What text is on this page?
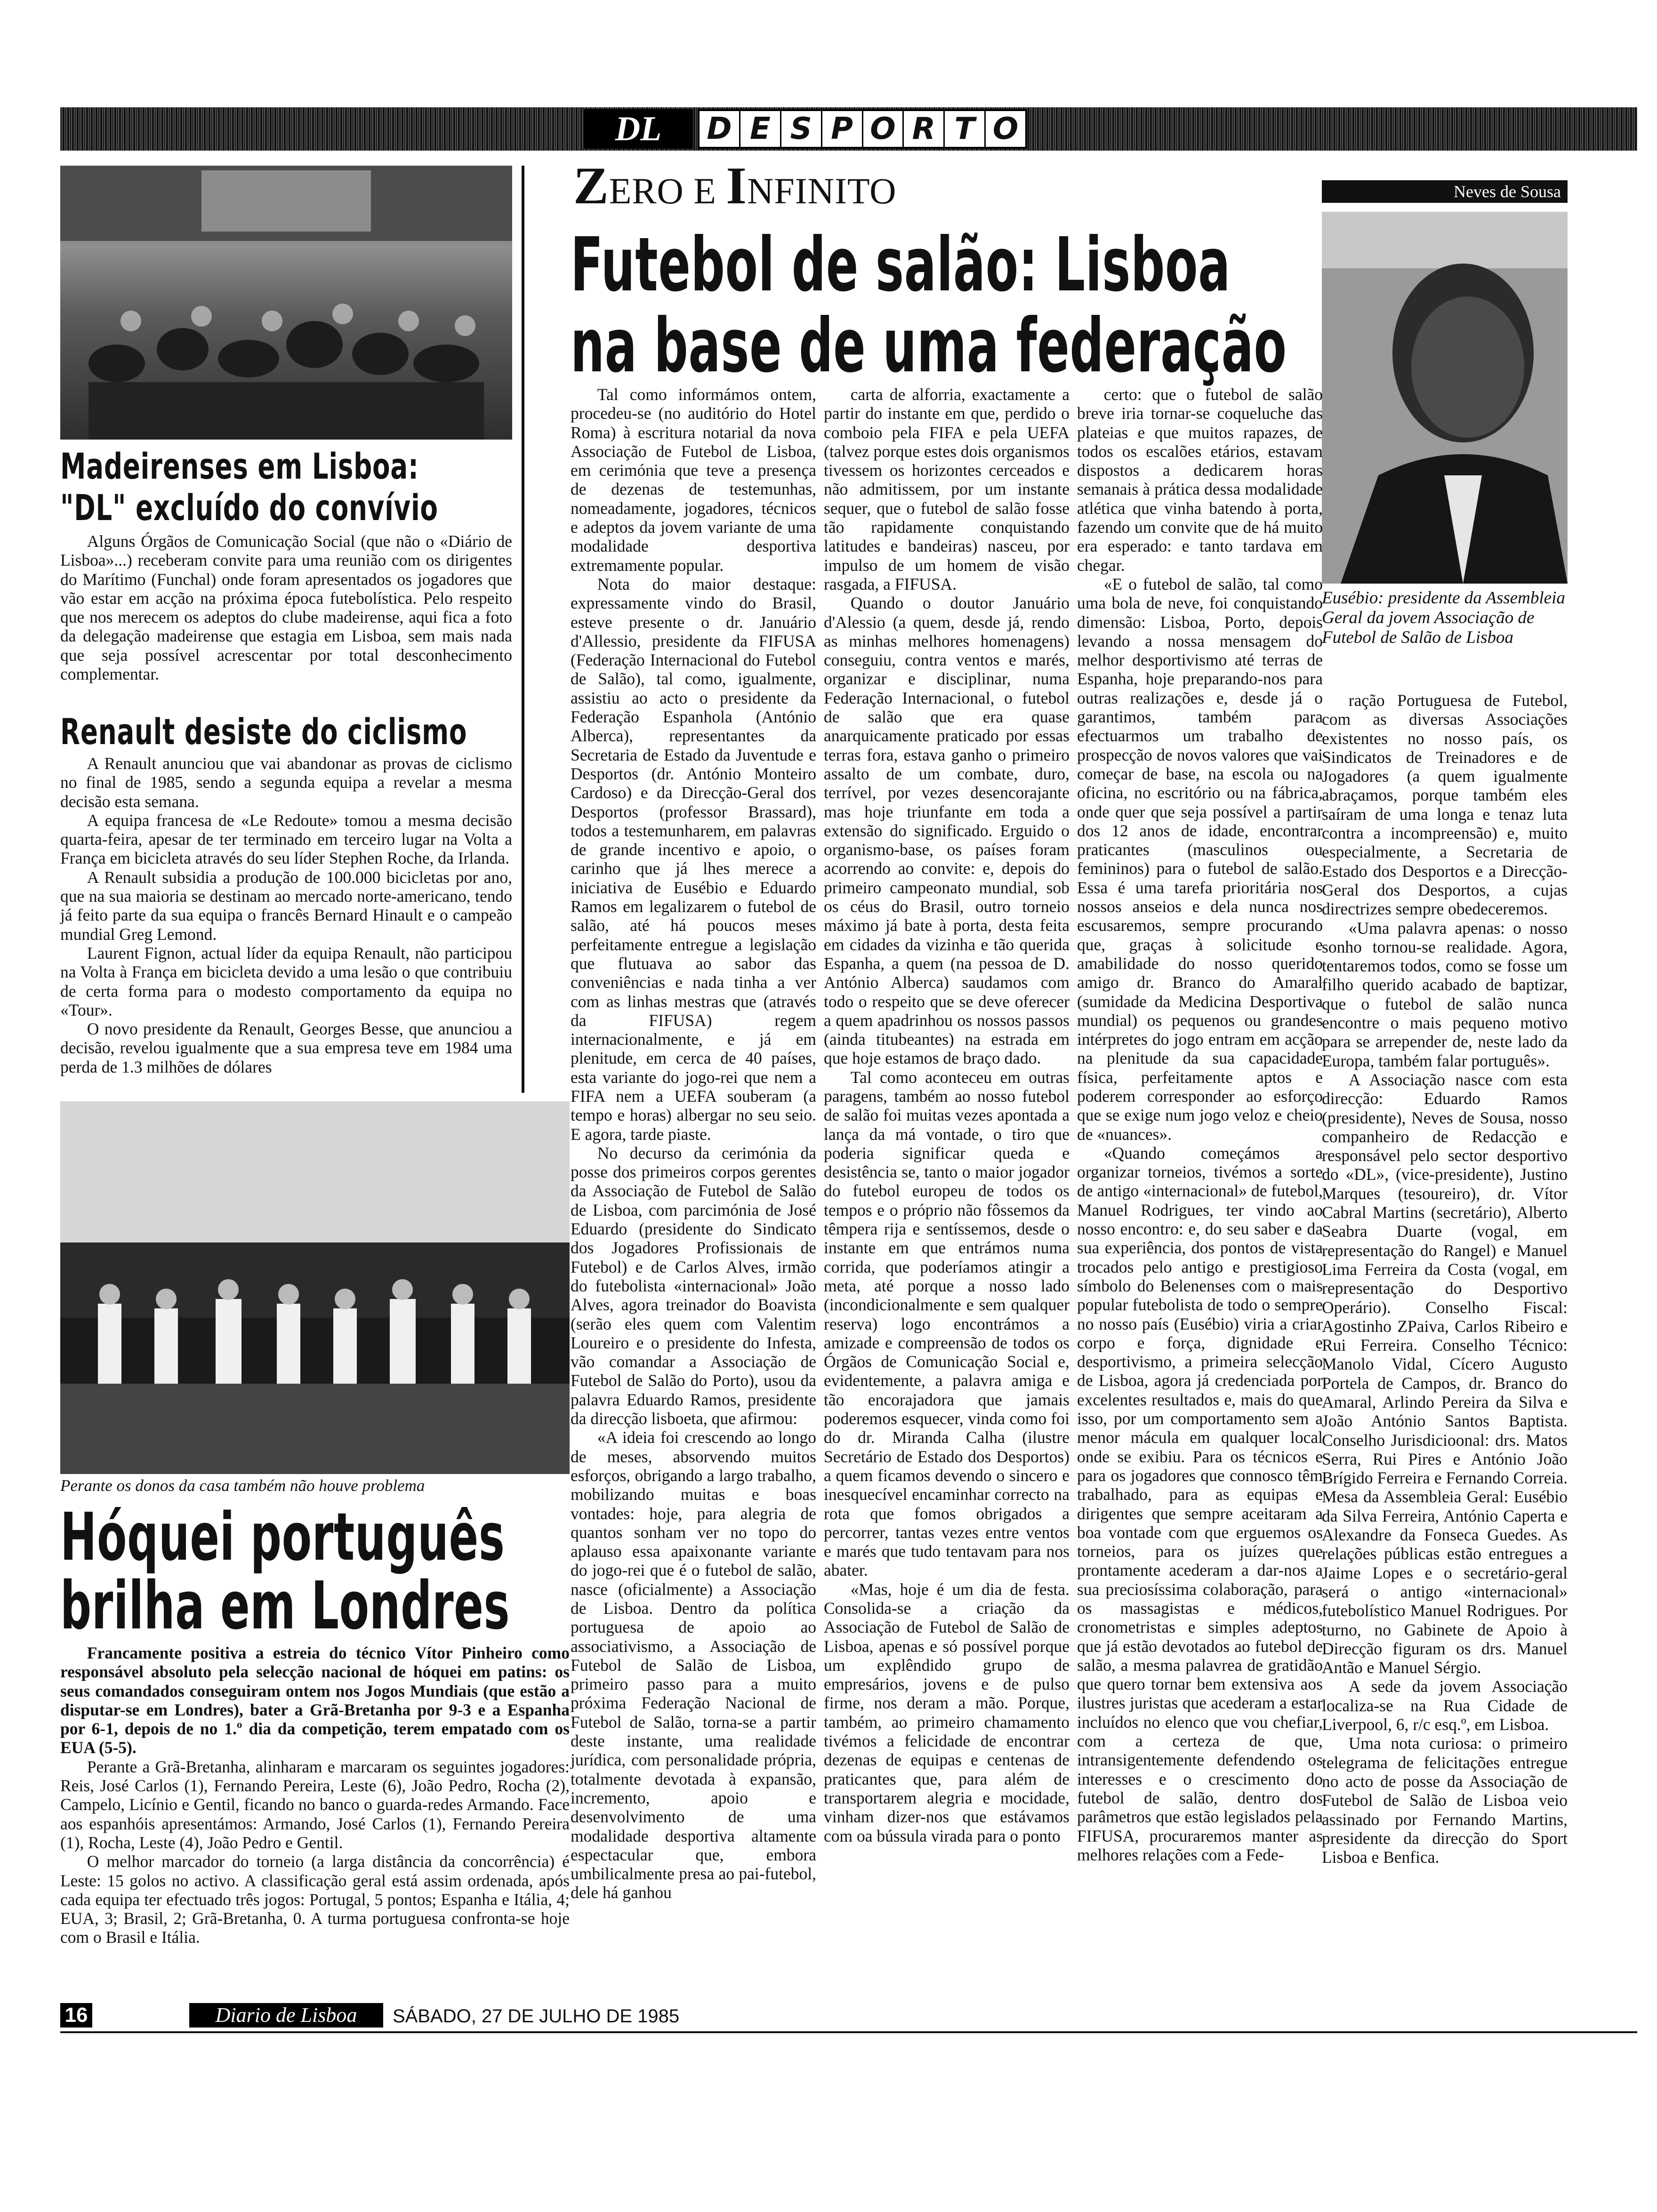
DL	D E S P O R T O
Madeirenses em Lisboa:
"DL" excluído do convívio

Alguns Órgãos de Comunicação Social (que não o «Diário de Lisboa»...) receberam convite para uma reunião com os dirigentes do Marítimo (Funchal) onde foram apresentados os jogadores que vão estar em acção na próxima época futebolística. Pelo respeito que nos merecem os adeptos do clube madeirense, aqui fica a foto da delegação madeirense que estagia em Lisboa, sem mais nada que seja possível acrescentar por total desconhecimento complementar.

Renault desiste do ciclismo

A Renault anunciou que vai abandonar as provas de ciclismo no final de 1985, sendo a segunda equipa a revelar a mesma decisão esta semana.

A equipa francesa de «Le Redoute» tomou a mesma decisão quarta-feira, apesar de ter terminado em terceiro lugar na Volta a França em bicicleta através do seu líder Stephen Roche, da Irlanda.

A Renault subsidia a produção de 100.000 bicicletas por ano, que na sua maioria se destinam ao mercado norte-americano, tendo já feito parte da sua equipa o francês Bernard Hinault e o campeão mundial Greg Lemond.

Laurent Fignon, actual líder da equipa Renault, não participou na Volta à França em bicicleta devido a uma lesão o que contribuiu de certa forma para o modesto comportamento da equipa no «Tour».

O novo presidente da Renault, Georges Besse, que anunciou a decisão, revelou igualmente que a sua empresa teve em 1984 uma perda de 1.3 milhões de dólares

Perante os donos da casa também não houve problema
Hóquei português
brilha em Londres

Francamente positiva a estreia do técnico Vítor Pinheiro como responsável absoluto pela selecção nacional de hóquei em patins: os seus comandados conseguiram ontem nos Jogos Mundiais (que estão a disputar-se em Londres), bater a Grã-Bretanha por 9-3 e a Espanha por 6-1, depois de no 1.º dia da competição, terem empatado com os EUA (5-5).

Perante a Grã-Bretanha, alinharam e marcaram os seguintes jogadores: Reis, José Carlos (1), Fernando Pereira, Leste (6), João Pedro, Rocha (2), Campelo, Licínio e Gentil, ficando no banco o guarda-redes Armando. Face aos espanhóis apresentámos: Armando, José Carlos (1), Fernando Pereira (1), Rocha, Leste (4), João Pedro e Gentil.

O melhor marcador do torneio (a larga distância da concorrência) é Leste: 15 golos no activo. A classificação geral está assim ordenada, após cada equipa ter efectuado três jogos: Portugal, 5 pontos; Espanha e Itália, 4; EUA, 3; Brasil, 2; Grã-Bretanha, 0. A turma portuguesa confronta-se hoje com o Brasil e Itália.

ZERO E INFINITO	Neves de Sousa
Futebol de salão: Lisboa
na base de uma federação
Eusébio: presidente da Assembleia Geral da jovem Associação de Futebol de Salão de Lisboa

Tal como informámos ontem, procedeu-se (no auditório do Hotel Roma) à escritura notarial da nova Associação de Futebol de Lisboa, em cerimónia que teve a presença de dezenas de testemunhas, nomeadamente, jogadores, técnicos e adeptos da jovem variante de uma modalidade desportiva extremamente popular.

Nota do maior destaque: expressamente vindo do Brasil, esteve presente o dr. Januário d'Allessio, presidente da FIFUSA (Federação Internacional do Futebol de Salão), tal como, igualmente, assistiu ao acto o presidente da Federação Espanhola (António Alberca), representantes da Secretaria de Estado da Juventude e Desportos (dr. António Monteiro Cardoso) e da Direcção-Geral dos Desportos (professor Brassard), todos a testemunharem, em palavras de grande incentivo e apoio, o carinho que já lhes merece a iniciativa de Eusébio e Eduardo Ramos em legalizarem o futebol de salão, até há poucos meses perfeitamente entregue a legislação que flutuava ao sabor das conveniências e nada tinha a ver com as linhas mestras que (através da FIFUSA) regem internacionalmente, e já em plenitude, em cerca de 40 países, esta variante do jogo-rei que nem a FIFA nem a UEFA souberam (a tempo e horas) albergar no seu seio. E agora, tarde piaste.

No decurso da cerimónia da posse dos primeiros corpos gerentes da Associação de Futebol de Salão de Lisboa, com parcimónia de José Eduardo (presidente do Sindicato dos Jogadores Profissionais de Futebol) e de Carlos Alves, irmão do futebolista «internacional» João Alves, agora treinador do Boavista (serão eles quem com Valentim Loureiro e o presidente do Infesta, vão comandar a Associação de Futebol de Salão do Porto), usou da palavra Eduardo Ramos, presidente da direcção lisboeta, que afirmou:

«A ideia foi crescendo ao longo de meses, absorvendo muitos esforços, obrigando a largo trabalho, mobilizando muitas e boas vontades: hoje, para alegria de quantos sonham ver no topo do aplauso essa apaixonante variante do jogo-rei que é o futebol de salão, nasce (oficialmente) a Associação de Lisboa. Dentro da política portuguesa de apoio ao associativismo, a Associação de Futebol de Salão de Lisboa, primeiro passo para a muito próxima Federação Nacional de Futebol de Salão, torna-se a partir deste instante, uma realidade jurídica, com personalidade própria, totalmente devotada à expansão, incremento, apoio e desenvolvimento de uma modalidade desportiva altamente espectacular que, embora umbilicalmente presa ao pai-futebol, dele há ganhou

carta de alforria, exactamente a partir do instante em que, perdido o comboio pela FIFA e pela UEFA (talvez porque estes dois organismos tivessem os horizontes cerceados e não admitissem, por um instante sequer, que o futebol de salão fosse tão rapidamente conquistando latitudes e bandeiras) nasceu, por impulso de um homem de visão rasgada, a FIFUSA.

Quando o doutor Januário d'Alessio (a quem, desde já, rendo as minhas melhores homenagens) conseguiu, contra ventos e marés, organizar e disciplinar, numa Federação Internacional, o futebol de salão que era quase anarquicamente praticado por essas terras fora, estava ganho o primeiro assalto de um combate, duro, terrível, por vezes desencorajante mas hoje triunfante em toda a extensão do significado. Erguido o organismo-base, os países foram acorrendo ao convite: e, depois do primeiro campeonato mundial, sob os céus do Brasil, outro torneio máximo já bate à porta, desta feita em cidades da vizinha e tão querida Espanha, a quem (na pessoa de D. António Alberca) saudamos com todo o respeito que se deve oferecer a quem apadrinhou os nossos passos (ainda titubeantes) na estrada em que hoje estamos de braço dado.

Tal como aconteceu em outras paragens, também ao nosso futebol de salão foi muitas vezes apontada a lança da má vontade, o tiro que poderia significar queda e desistência se, tanto o maior jogador do futebol europeu de todos os tempos e o próprio não fôssemos da têmpera rija e sentíssemos, desde o instante em que entrámos numa corrida, que poderíamos atingir a meta, até porque a nosso lado (incondicionalmente e sem qualquer reserva) logo encontrámos a amizade e compreensão de todos os Órgãos de Comunicação Social e, evidentemente, a palavra amiga e tão encorajadora que jamais poderemos esquecer, vinda como foi do dr. Miranda Calha (ilustre Secretário de Estado dos Desportos) a quem ficamos devendo o sincero e inesquecível encaminhar correcto na rota que fomos obrigados a percorrer, tantas vezes entre ventos e marés que tudo tentavam para nos abater.

«Mas, hoje é um dia de festa. Consolida-se a criação da Associação de Futebol de Salão de Lisboa, apenas e só possível porque um explêndido grupo de empresários, jovens e de pulso firme, nos deram a mão. Porque, também, ao primeiro chamamento tivémos a felicidade de encontrar dezenas de equipas e centenas de praticantes que, para além de transportarem alegria e mocidade, vinham dizer-nos que estávamos com oa bússula virada para o ponto

certo: que o futebol de salão breve iria tornar-se coqueluche das plateias e que muitos rapazes, de todos os escalões etários, estavam dispostos a dedicarem horas semanais à prática dessa modalidade atlética que vinha batendo à porta, fazendo um convite que de há muito era esperado: e tanto tardava em chegar.

«E o futebol de salão, tal como uma bola de neve, foi conquistando dimensão: Lisboa, Porto, depois levando a nossa mensagem do melhor desportivismo até terras de Espanha, hoje preparando-nos para outras realizações e, desde já o garantimos, também para efectuarmos um trabalho de prospecção de novos valores que vai começar de base, na escola ou na oficina, no escritório ou na fábrica, onde quer que seja possível a partir dos 12 anos de idade, encontrar praticantes (masculinos ou femininos) para o futebol de salão. Essa é uma tarefa prioritária nos nossos anseios e dela nunca nos escusaremos, sempre procurando que, graças à solicitude e amabilidade do nosso querido amigo dr. Branco do Amaral (sumidade da Medicina Desportiva mundial) os pequenos ou grandes intérpretes do jogo entram em acção na plenitude da sua capacidade física, perfeitamente aptos e poderem corresponder ao esforço que se exige num jogo veloz e cheio de «nuances».

«Quando começámos a organizar torneios, tivémos a sorte de antigo «internacional» de futebol, Manuel Rodrigues, ter vindo ao nosso encontro: e, do seu saber e da sua experiência, dos pontos de vista trocados pelo antigo e prestigioso símbolo do Belenenses com o mais popular futebolista de todo o sempre no nosso país (Eusébio) viria a criar corpo e força, dignidade e desportivismo, a primeira selecção de Lisboa, agora já credenciada por excelentes resultados e, mais do que isso, por um comportamento sem a menor mácula em qualquer local onde se exibiu. Para os técnicos e para os jogadores que connosco têm trabalhado, para as equipas e dirigentes que sempre aceitaram a boa vontade com que erguemos os torneios, para os juízes que prontamente acederam a dar-nos a sua preciosíssima colaboração, para os massagistas e médicos, cronometristas e simples adeptos que já estão devotados ao futebol de salão, a mesma palavrea de gratidão que quero tornar bem extensiva aos ilustres juristas que acederam a estar incluídos no elenco que vou chefiar, com a certeza de que, intransigentemente defendendo os interesses e o crescimento do futebol de salão, dentro dos parâmetros que estão legislados pela FIFUSA, procuraremos manter as melhores relações com a Fede-

ração Portuguesa de Futebol, com as diversas Associações existentes no nosso país, os Sindicatos de Treinadores e de Jogadores (a quem igualmente abraçamos, porque também eles saíram de uma longa e tenaz luta contra a incompreensão) e, muito especialmente, a Secretaria de Estado dos Desportos e a Direcção-Geral dos Desportos, a cujas directrizes sempre obedeceremos.

«Uma palavra apenas: o nosso sonho tornou-se realidade. Agora, tentaremos todos, como se fosse um filho querido acabado de baptizar, que o futebol de salão nunca encontre o mais pequeno motivo para se arrepender de, neste lado da Europa, também falar português».

A Associação nasce com esta direcção: Eduardo Ramos (presidente), Neves de Sousa, nosso companheiro de Redacção e responsável pelo sector desportivo do «DL», (vice-presidente), Justino Marques (tesoureiro), dr. Vítor Cabral Martins (secretário), Alberto Seabra Duarte (vogal, em representação do Rangel) e Manuel Lima Ferreira da Costa (vogal, em representação do Desportivo Operário). Conselho Fiscal: Agostinho ZPaiva, Carlos Ribeiro e Rui Ferreira. Conselho Técnico: Manolo Vidal, Cícero Augusto Portela de Campos, dr. Branco do Amaral, Arlindo Pereira da Silva e João António Santos Baptista. Conselho Jurisdicioonal: drs. Matos Serra, Rui Pires e António João Brígido Ferreira e Fernando Correia. Mesa da Assembleia Geral: Eusébio da Silva Ferreira, António Caperta e Alexandre da Fonseca Guedes. As relações públicas estão entregues a Jaime Lopes e o secretário-geral será o antigo «internacional» futebolístico Manuel Rodrigues. Por turno, no Gabinete de Apoio à Direcção figuram os drs. Manuel Antão e Manuel Sérgio.

A sede da jovem Associação localiza-se na Rua Cidade de Liverpool, 6, r/c esq.º, em Lisboa.

Uma nota curiosa: o primeiro telegrama de felicitações entregue no acto de posse da Associação de Futebol de Salão de Lisboa veio assinado por Fernando Martins, presidente da direcção do Sport Lisboa e Benfica.

16	Diario de Lisboa	SÁBADO, 27 DE JULHO DE 1985
